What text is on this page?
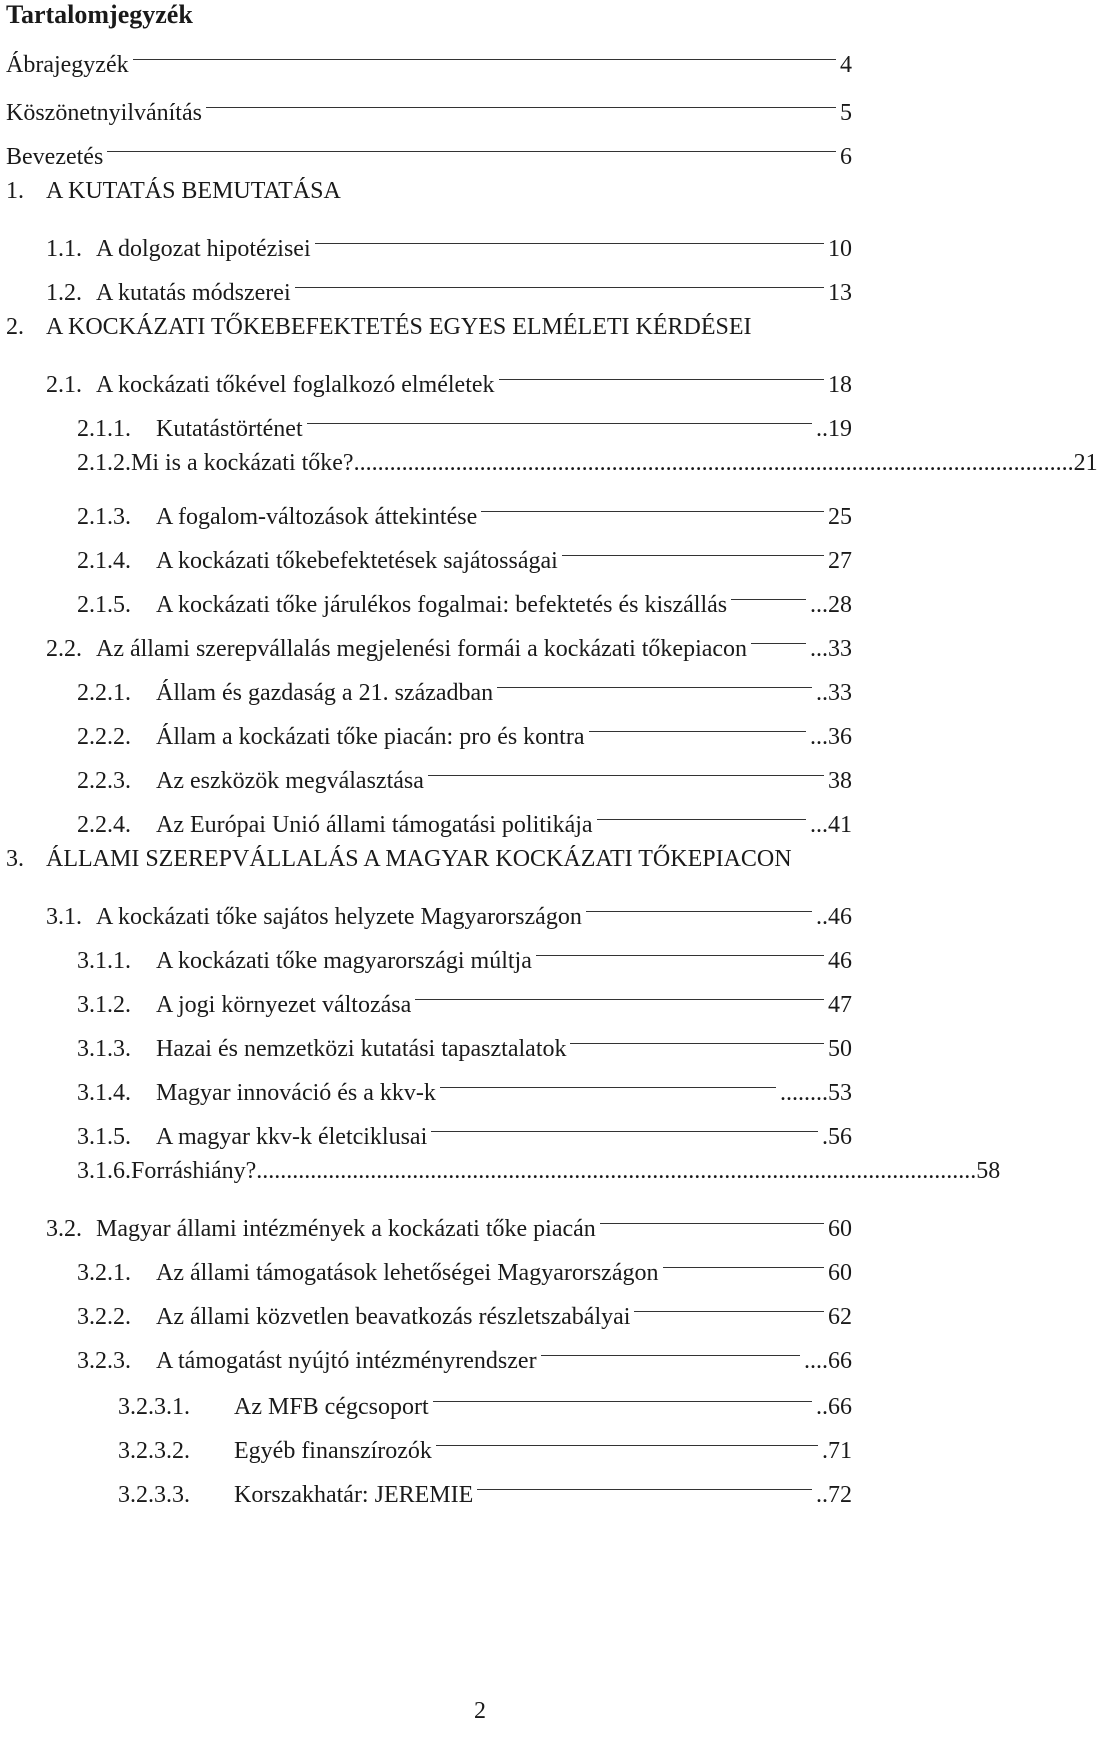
Tartalomjegyzék
Ábrajegyzék	4
Köszönetnyilvánítás	5
Bevezetés	6
1. A KUTATÁS BEMUTATÁSA
1.1. A dolgozat hipotézisei	10
1.2. A kutatás módszerei	13
2. A KOCKÁZATI TŐKEBEFEKTETÉS EGYES ELMÉLETI KÉRDÉSEI
2.1. A kockázati tőkével foglalkozó elméletek	18
2.1.1.	Kutatástörténet	.. 19
2.1.2. Mi is a kockázati tőke? ........................................................................................................................ 21
2.1.3.	A fogalom-változások áttekintése	25
2.1.4.	A kockázati tőkebefektetések sajátosságai	27
2.1.5.	A kockázati tőke járulékos fogalmai: befektetés és kiszállás	... 28
2.2. Az állami szerepvállalás megjelenési formái a kockázati tőkepiacon	... 33
2.2.1.	Állam és gazdaság a 21. században	.. 33
2.2.2.	Állam a kockázati tőke piacán: pro és kontra	... 36
2.2.3.	Az eszközök megválasztása	38
2.2.4.	Az Európai Unió állami támogatási politikája	... 41
3. ÁLLAMI SZEREPVÁLLALÁS A MAGYAR KOCKÁZATI TŐKEPIACON
3.1. A kockázati tőke sajátos helyzete Magyarországon	.. 46
3.1.1.	A kockázati tőke magyarországi múltja	46
3.1.2.	A jogi környezet változása	47
3.1.3.	Hazai és nemzetközi kutatási tapasztalatok	50
3.1.4.	Magyar innováció és a kkv-k	........ 53
3.1.5.	A magyar kkv-k életciklusai	. 56
3.1.6. Forráshiány? ........................................................................................................................ 58
3.2. Magyar állami intézmények a kockázati tőke piacán	60
3.2.1.	Az állami támogatások lehetőségei Magyarországon	60
3.2.2.	Az állami közvetlen beavatkozás részletszabályai	62
3.2.3.	A támogatást nyújtó intézményrendszer	.... 66
3.2.3.1.	Az MFB cégcsoport	.. 66
3.2.3.2.	Egyéb finanszírozók	. 71
3.2.3.3.	Korszakhatár: JEREMIE	.. 72
2
